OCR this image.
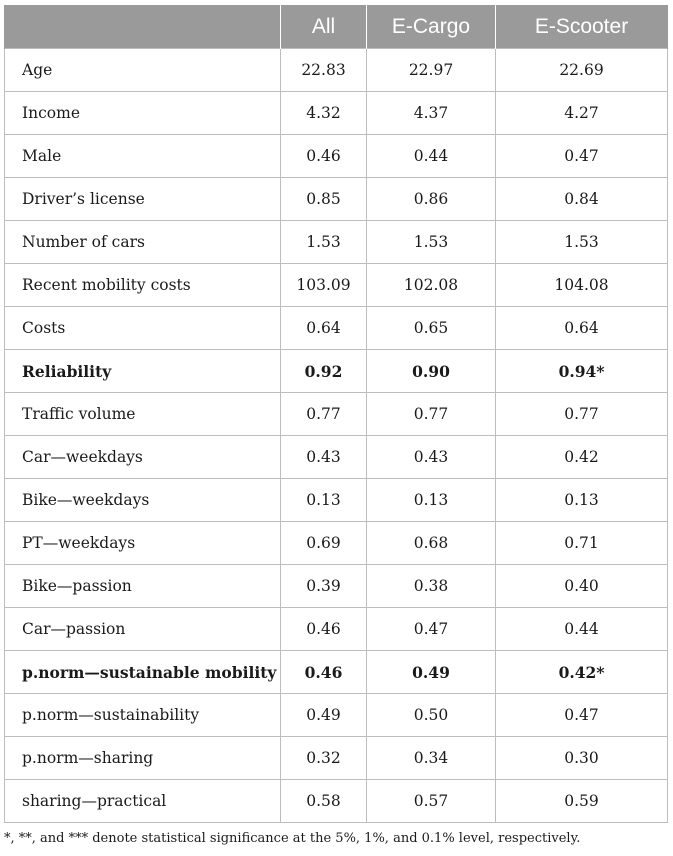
	All	E-Cargo	E-Scooter
Age	22.83	22.97	22.69
Income	4.32	4.37	4.27
Male	0.46	0.44	0.47
Driver’s license	0.85	0.86	0.84
Number of cars	1.53	1.53	1.53
Recent mobility costs	103.09	102.08	104.08
Costs	0.64	0.65	0.64
Reliability	0.92	0.90	0.94*
Traffic volume	0.77	0.77	0.77
Car—weekdays	0.43	0.43	0.42
Bike—weekdays	0.13	0.13	0.13
PT—weekdays	0.69	0.68	0.71
Bike—passion	0.39	0.38	0.40
Car—passion	0.46	0.47	0.44
p.norm—sustainable mobility	0.46	0.49	0.42*
p.norm—sustainability	0.49	0.50	0.47
p.norm—sharing	0.32	0.34	0.30
sharing—practical	0.58	0.57	0.59
*, **, and *** denote statistical significance at the 5%, 1%, and 0.1% level, respectively.
